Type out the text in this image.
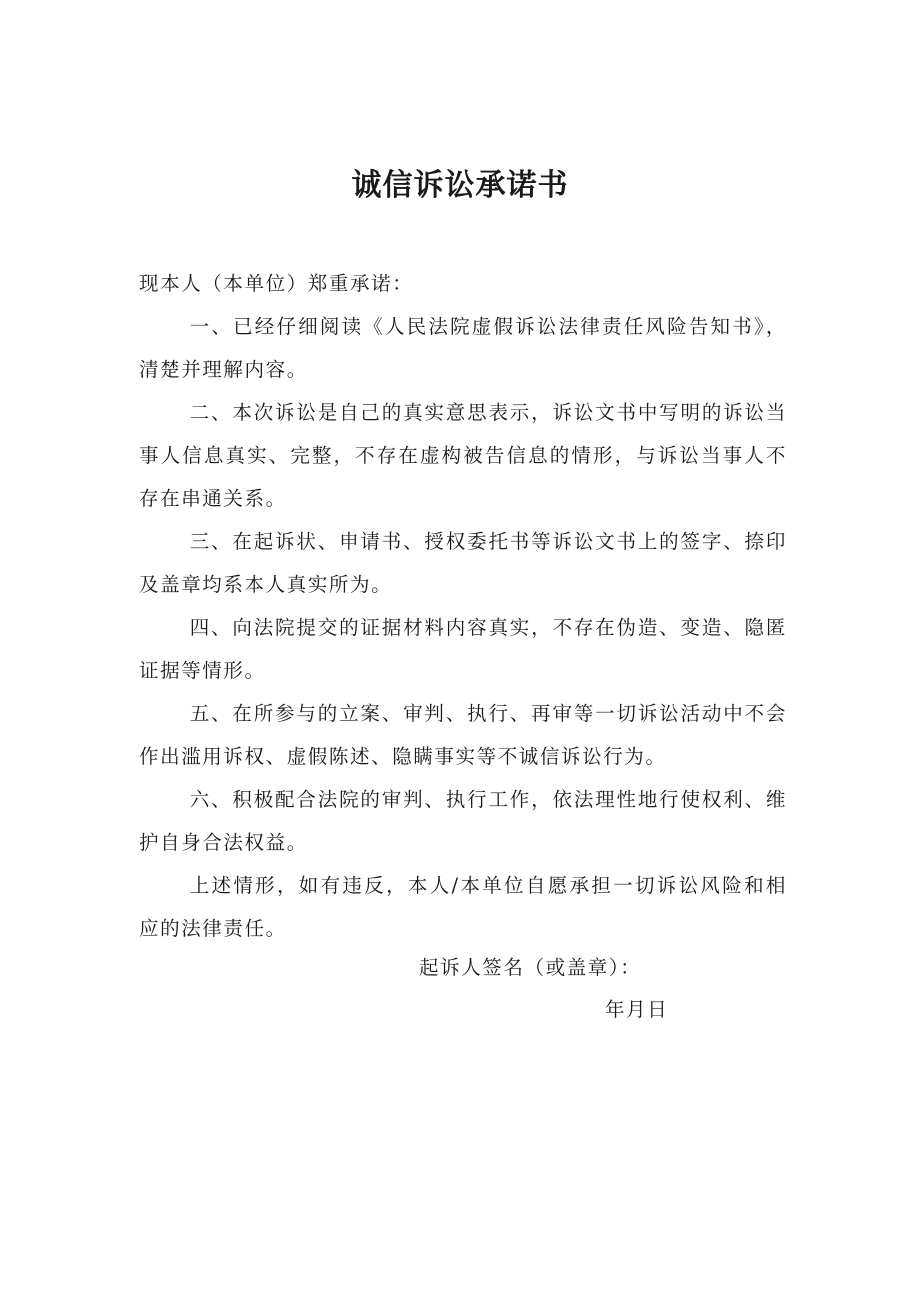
诚信诉讼承诺书

现本人（本单位）郑重承诺：

一、已经仔细阅读《人民法院虚假诉讼法律责任风险告知书》，清楚并理解内容。

二、本次诉讼是自己的真实意思表示，诉讼文书中写明的诉讼当事人信息真实、完整，不存在虚构被告信息的情形，与诉讼当事人不存在串通关系。

三、在起诉状、申请书、授权委托书等诉讼文书上的签字、捺印及盖章均系本人真实所为。

四、向法院提交的证据材料内容真实，不存在伪造、变造、隐匿证据等情形。

五、在所参与的立案、审判、执行、再审等一切诉讼活动中不会作出滥用诉权、虚假陈述、隐瞒事实等不诚信诉讼行为。

六、积极配合法院的审判、执行工作，依法理性地行使权利、维护自身合法权益。

上述情形，如有违反，本人/本单位自愿承担一切诉讼风险和相应的法律责任。

起诉人签名（或盖章）：
年月日
